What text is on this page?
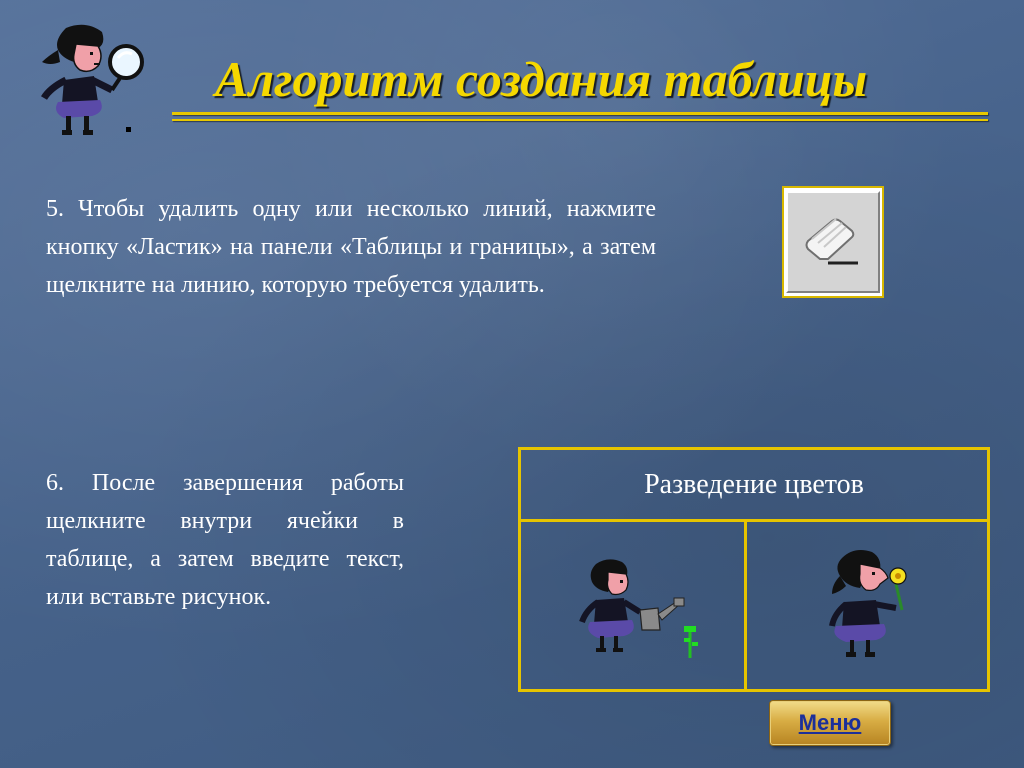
Алгоритм создания таблицы
5. Чтобы удалить одну или несколько линий, нажмите кнопку «Ластик» на панели «Таблицы и границы», а затем щелкните на линию, которую требуется удалить.
6. После завершения работы щелкните внутри ячейки в таблице, а затем введите текст, или вставьте рисунок.
Разведение цветов
Меню
